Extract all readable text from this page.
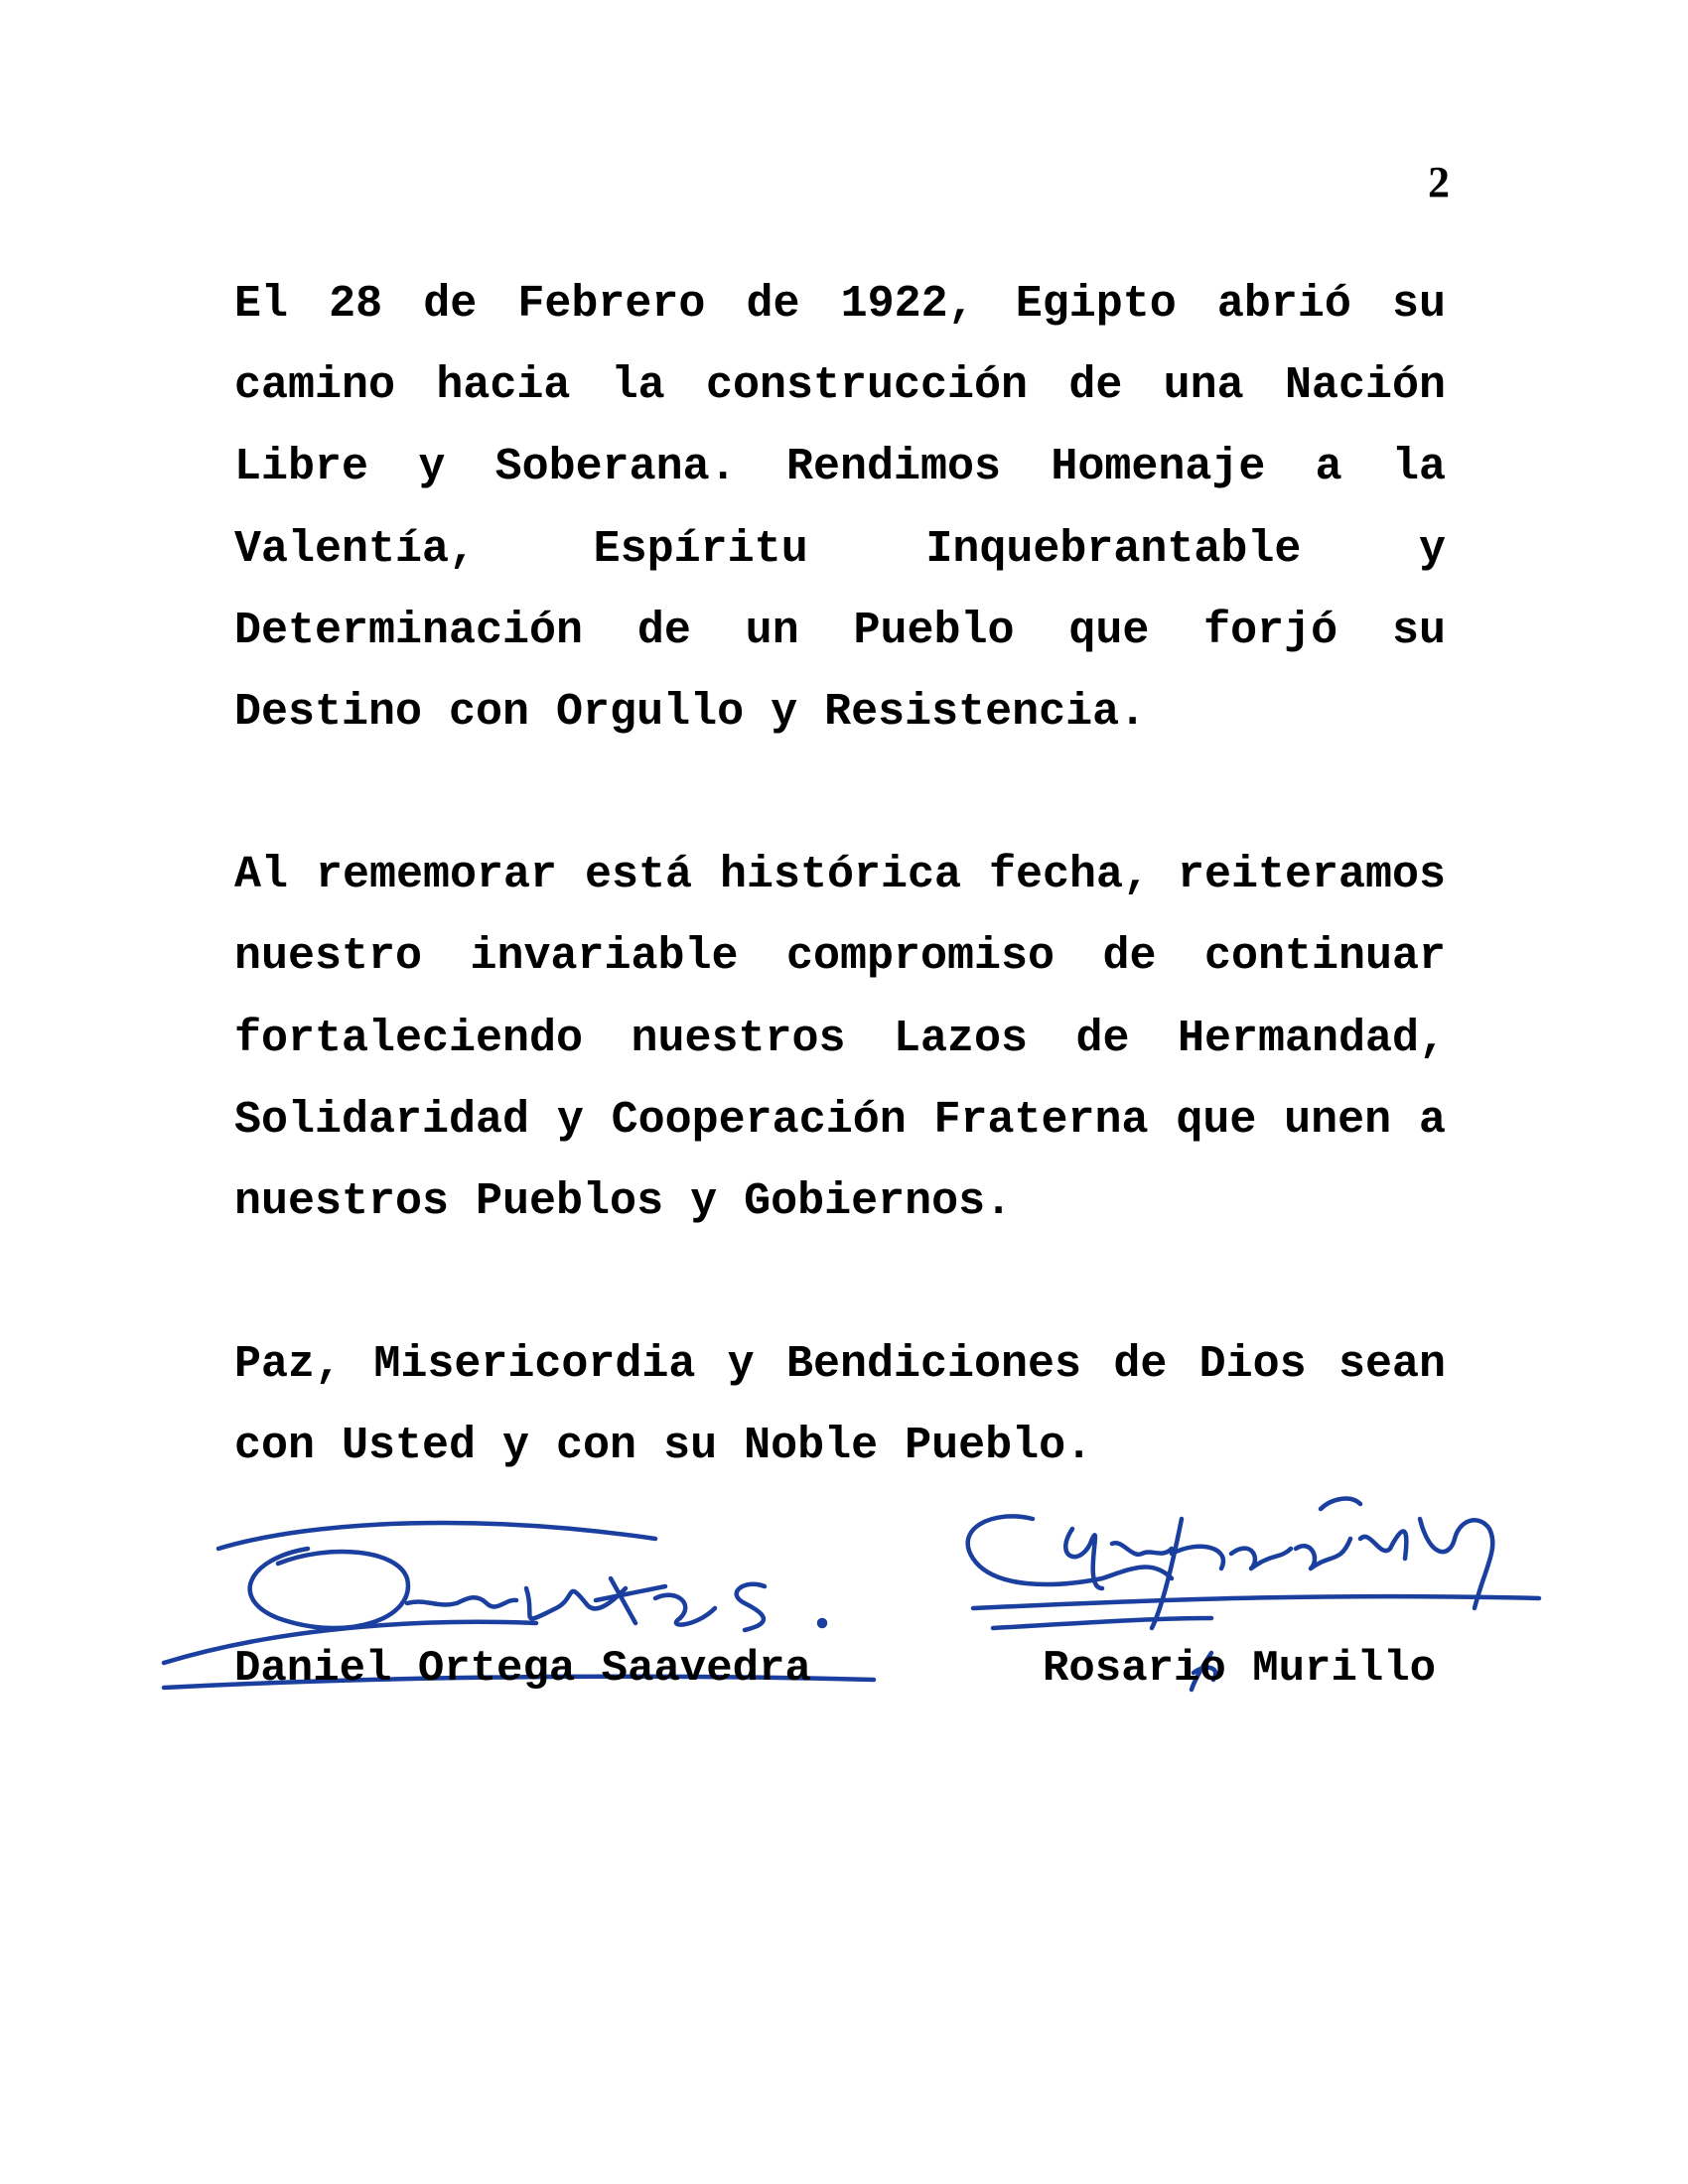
2

El 28 de Febrero de 1922, Egipto abrió su camino hacia la construcción de una Nación Libre y Soberana. Rendimos Homenaje a la Valentía, Espíritu Inquebrantable y Determinación de un Pueblo que forjó su Destino con Orgullo y Resistencia.

Al rememorar está histórica fecha, reiteramos nuestro invariable compromiso de continuar fortaleciendo nuestros Lazos de Hermandad, Solidaridad y Cooperación Fraterna que unen a nuestros Pueblos y Gobiernos.

Paz, Misericordia y Bendiciones de Dios sean con Usted y con su Noble Pueblo.

Daniel Ortega Saavedra	Rosario Murillo
